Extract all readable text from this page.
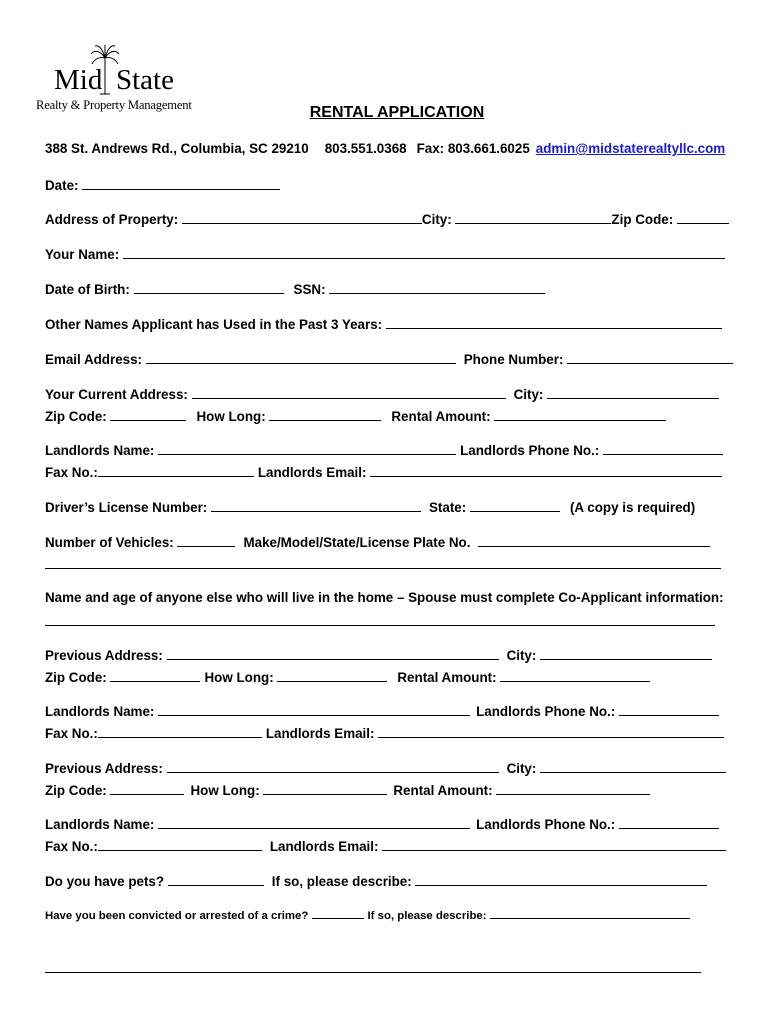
Mid State
Realty & Property Management	RENTAL APPLICATION
388 St. Andrews Rd., Columbia, SC 29210 803.551.0368 Fax: 803.661.6025 admin@midstaterealtyllc.com
Date:
Address of Property:	City:	Zip Code:
Your Name:
Date of Birth:	SSN:
Other Names Applicant has Used in the Past 3 Years:
Email Address:	Phone Number:
Your Current Address:	City:
Zip Code:	How Long:	Rental Amount:
Landlords Name:	Landlords Phone No.:
Fax No.:	Landlords Email:
Driver’s License Number:	State:	(A copy is required)
Number of Vehicles:	Make/Model/State/License Plate No.
Name and age of anyone else who will live in the home – Spouse must complete Co-Applicant information:
Previous Address:	City:
Zip Code:	How Long:	Rental Amount:
Landlords Name:	Landlords Phone No.:
Fax No.:	Landlords Email:
Previous Address:	City:
Zip Code:	How Long:	Rental Amount:
Landlords Name:	Landlords Phone No.:
Fax No.:	Landlords Email:
Do you have pets?	If so, please describe:
Have you been convicted or arrested of a crime?	If so, please describe:
